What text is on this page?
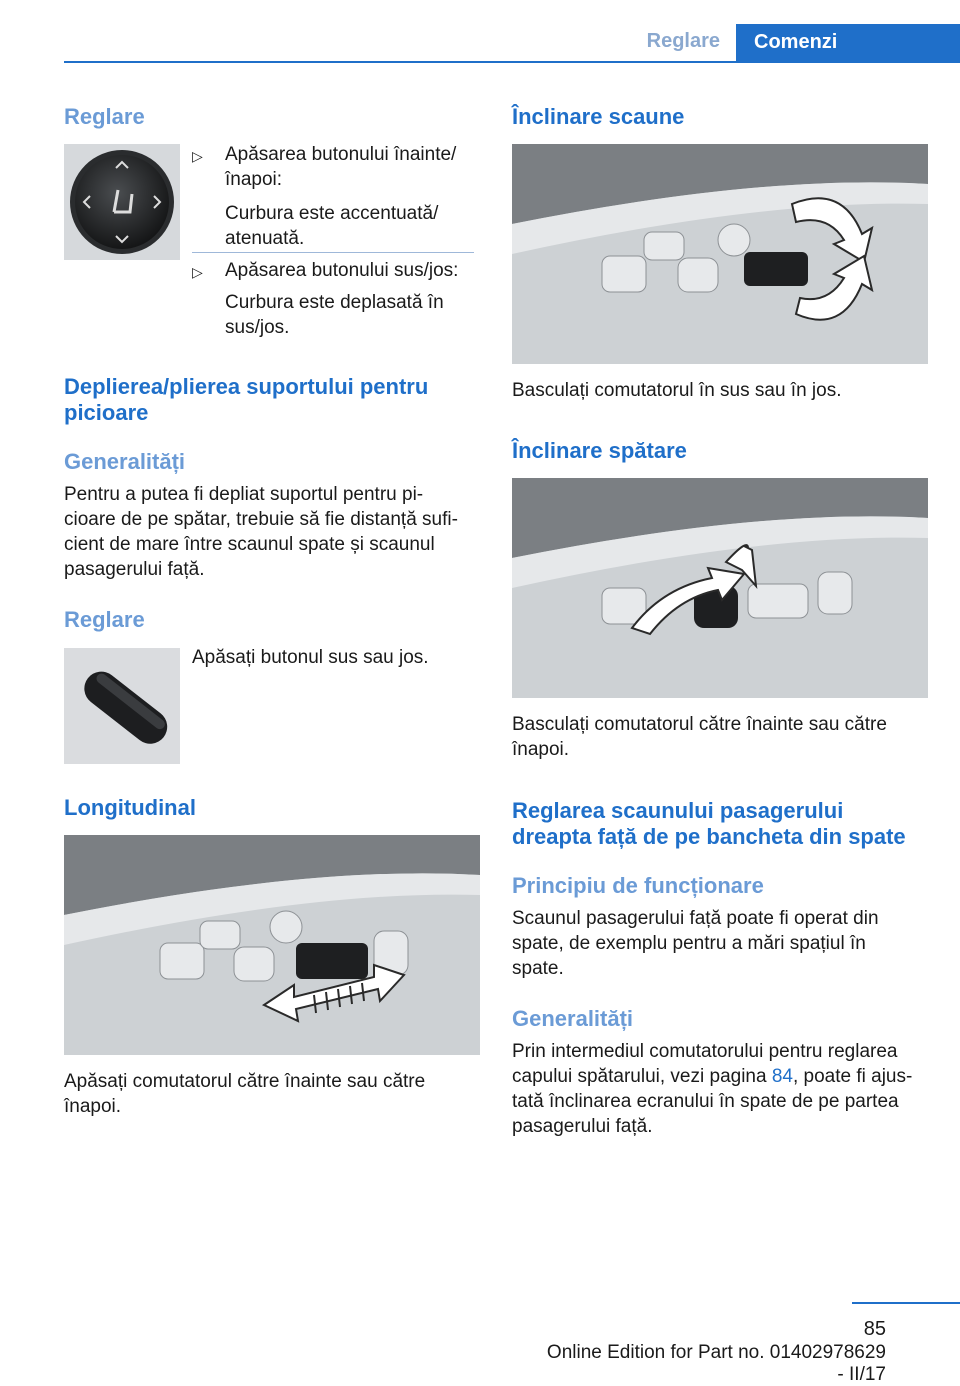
Reglare Comenzi
Reglare
▷ Apăsarea butonului înainte/
înapoi:
Curbura este accentuată/
atenuată.
▷ Apăsarea butonului sus/jos:
Curbura este deplasată în
sus/jos.
Deplierea/plierea suportului pentru
picioare
Generalități
Pentru a putea fi depliat suportul pentru pi‐
cioare de pe spătar, trebuie să fie distanță sufi‐
cient de mare între scaunul spate și scaunul
pasagerului față.
Reglare
Apăsați butonul sus sau jos.
Longitudinal
Apăsați comutatorul către înainte sau către
înapoi.
Înclinare scaune
Basculați comutatorul în sus sau în jos.
Înclinare spătare
Basculați comutatorul către înainte sau către
înapoi.
Reglarea scaunului pasagerului
dreapta față de pe bancheta din spate
Principiu de funcționare
Scaunul pasagerului față poate fi operat din
spate, de exemplu pentru a mări spațiul în
spate.
Generalități
Prin intermediul comutatorului pentru reglarea
capului spătarului, vezi pagina 84, poate fi ajus‐
tată înclinarea ecranului în spate de pe partea
pasagerului față.
85
Online Edition for Part no. 01402978629 - II/17
